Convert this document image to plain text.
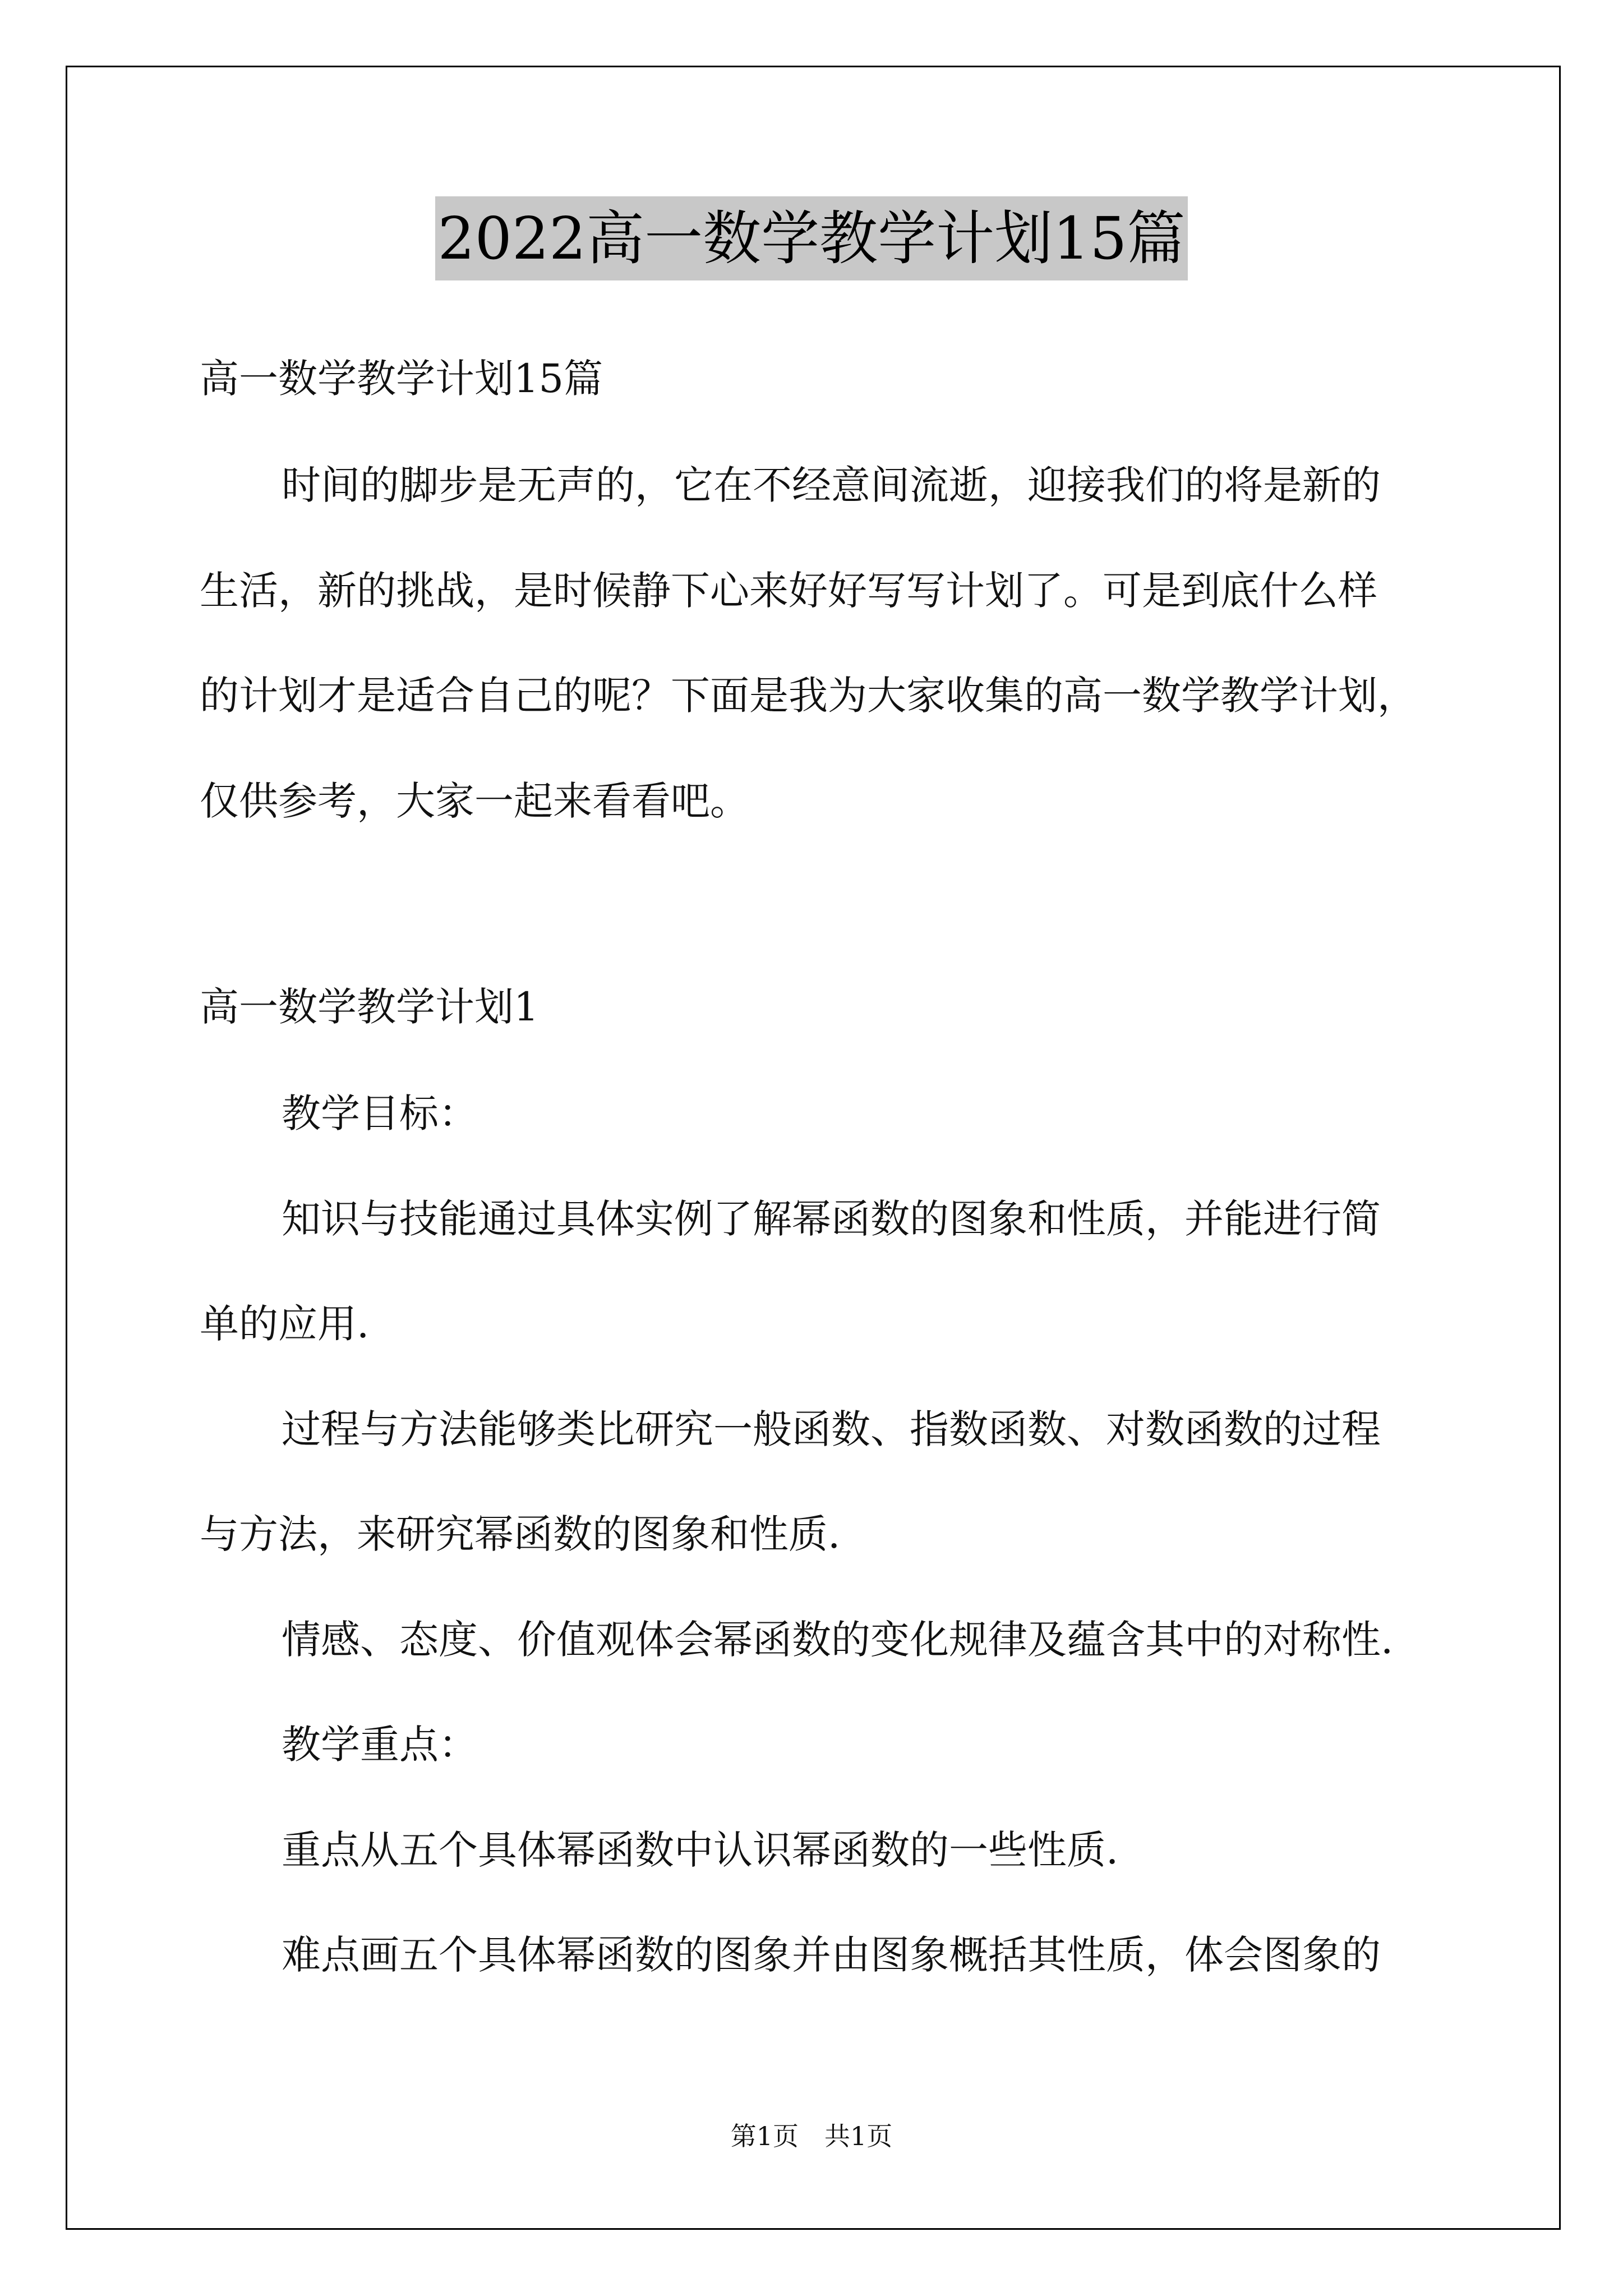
2022高一数学教学计划15篇
高一数学教学计划15篇
时间的脚步是无声的，它在不经意间流逝，迎接我们的将是新的
生活，新的挑战，是时候静下心来好好写写计划了。可是到底什么样
的计划才是适合自己的呢？下面是我为大家收集的高一数学教学计划，
仅供参考，大家一起来看看吧。
高一数学教学计划1
教学目标：
知识与技能通过具体实例了解幂函数的图象和性质，并能进行简
单的应用.
过程与方法能够类比研究一般函数、指数函数、对数函数的过程
与方法，来研究幂函数的图象和性质.
情感、态度、价值观体会幂函数的变化规律及蕴含其中的对称性.
教学重点：
重点从五个具体幂函数中认识幂函数的一些性质.
难点画五个具体幂函数的图象并由图象概括其性质，体会图象的
第1页　共1页
